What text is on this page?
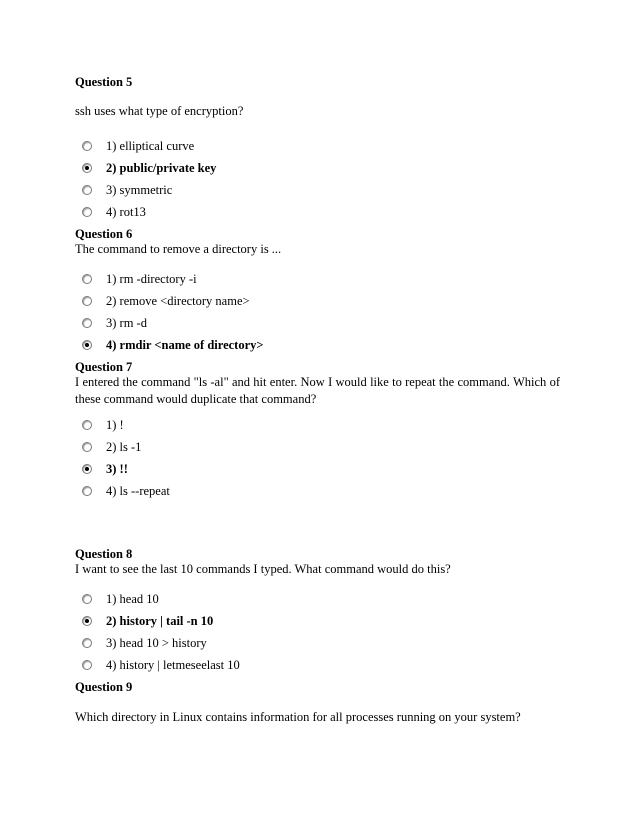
Question 5
ssh uses what type of encryption?
1) elliptical curve
2) public/private key
3) symmetric
4) rot13
Question 6
The command to remove a directory is ...
1) rm -directory -i
2) remove <directory name>
3) rm -d
4) rmdir <name of directory>
Question 7
I entered the command "ls -al" and hit enter. Now I would like to repeat the command. Which of these command would duplicate that command?
1) !
2) ls -1
3) !!
4) ls --repeat
Question 8
I want to see the last 10 commands I typed. What command would do this?
1) head 10
2) history | tail -n 10
3) head 10 > history
4) history | letmeseelast 10
Question 9
Which directory in Linux contains information for all processes running on your system?
